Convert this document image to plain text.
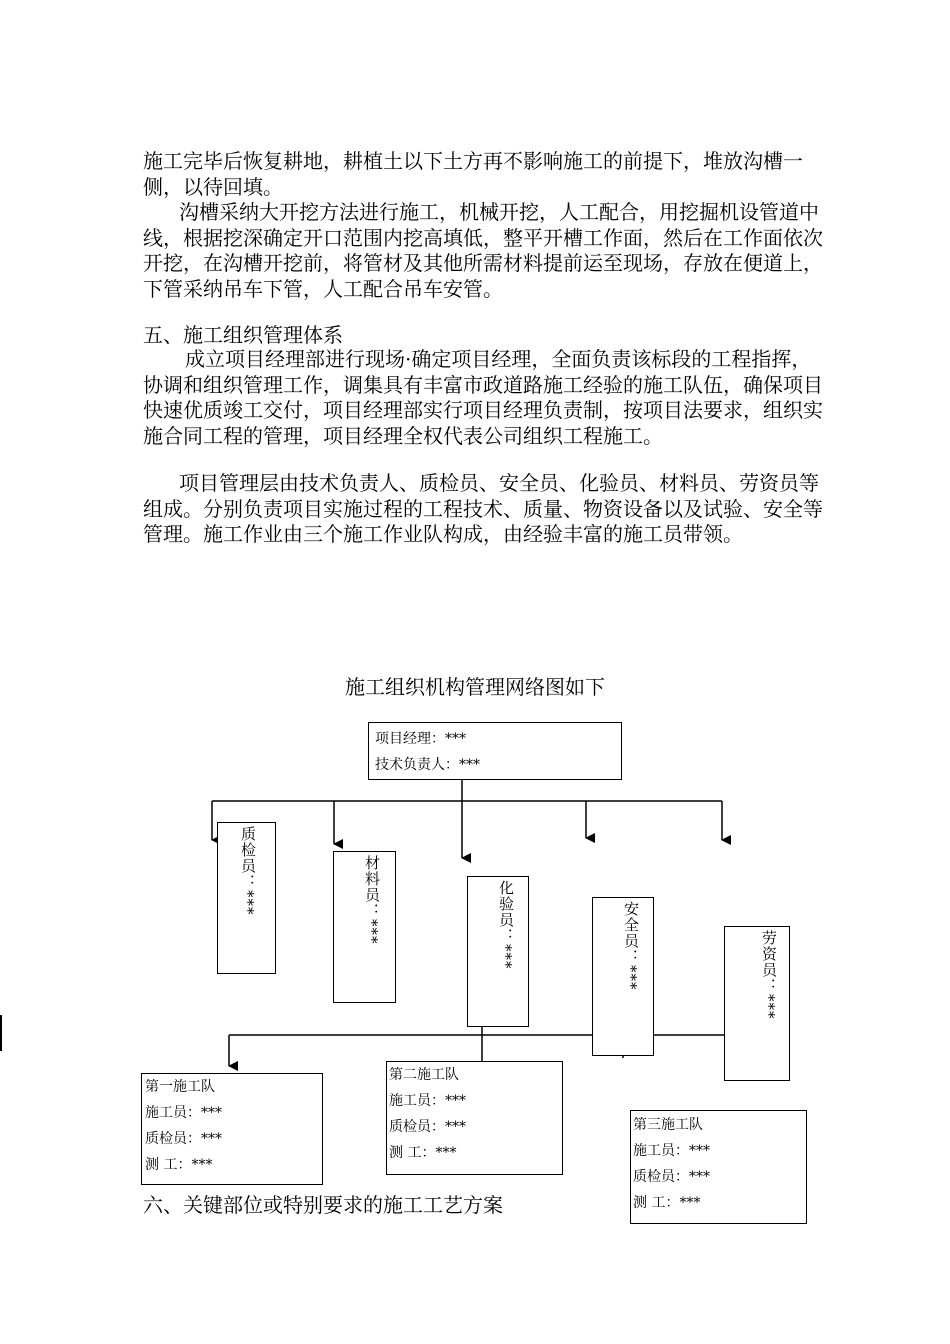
施工完毕后恢复耕地，耕植土以下土方再不影响施工的前提下，堆放沟槽一侧，以待回填。

沟槽采纳大开挖方法进行施工，机械开挖，人工配合，用挖掘机设管道中线，根据挖深确定开口范围内挖高填低，整平开槽工作面，然后在工作面依次开挖，在沟槽开挖前，将管材及其他所需材料提前运至现场，存放在便道上，下管采纳吊车下管，人工配合吊车安管。

五、施工组织管理体系

成立项目经理部进行现场·确定项目经理，全面负责该标段的工程指挥，协调和组织管理工作，调集具有丰富市政道路施工经验的施工队伍，确保项目快速优质竣工交付，项目经理部实行项目经理负责制，按项目法要求，组织实施合同工程的管理，项目经理全权代表公司组织工程施工。

项目管理层由技术负责人、质检员、安全员、化验员、材料员、劳资员等组成。分别负责项目实施过程的工程技术、质量、物资设备以及试验、安全等管理。施工作业由三个施工作业队构成，由经验丰富的施工员带领。

施工组织机构管理网络图如下
项目经理：***
技术负责人：***
质检员：***	材料员：***	化验员：***	安全员：***	劳资员：***
第一施工队
施工员：***
质检员：***
测 工：***
第二施工队
施工员：***
质检员：***
测 工：***
第三施工队
施工员：***
质检员：***
测 工：***

六、关键部位或特别要求的施工工艺方案
